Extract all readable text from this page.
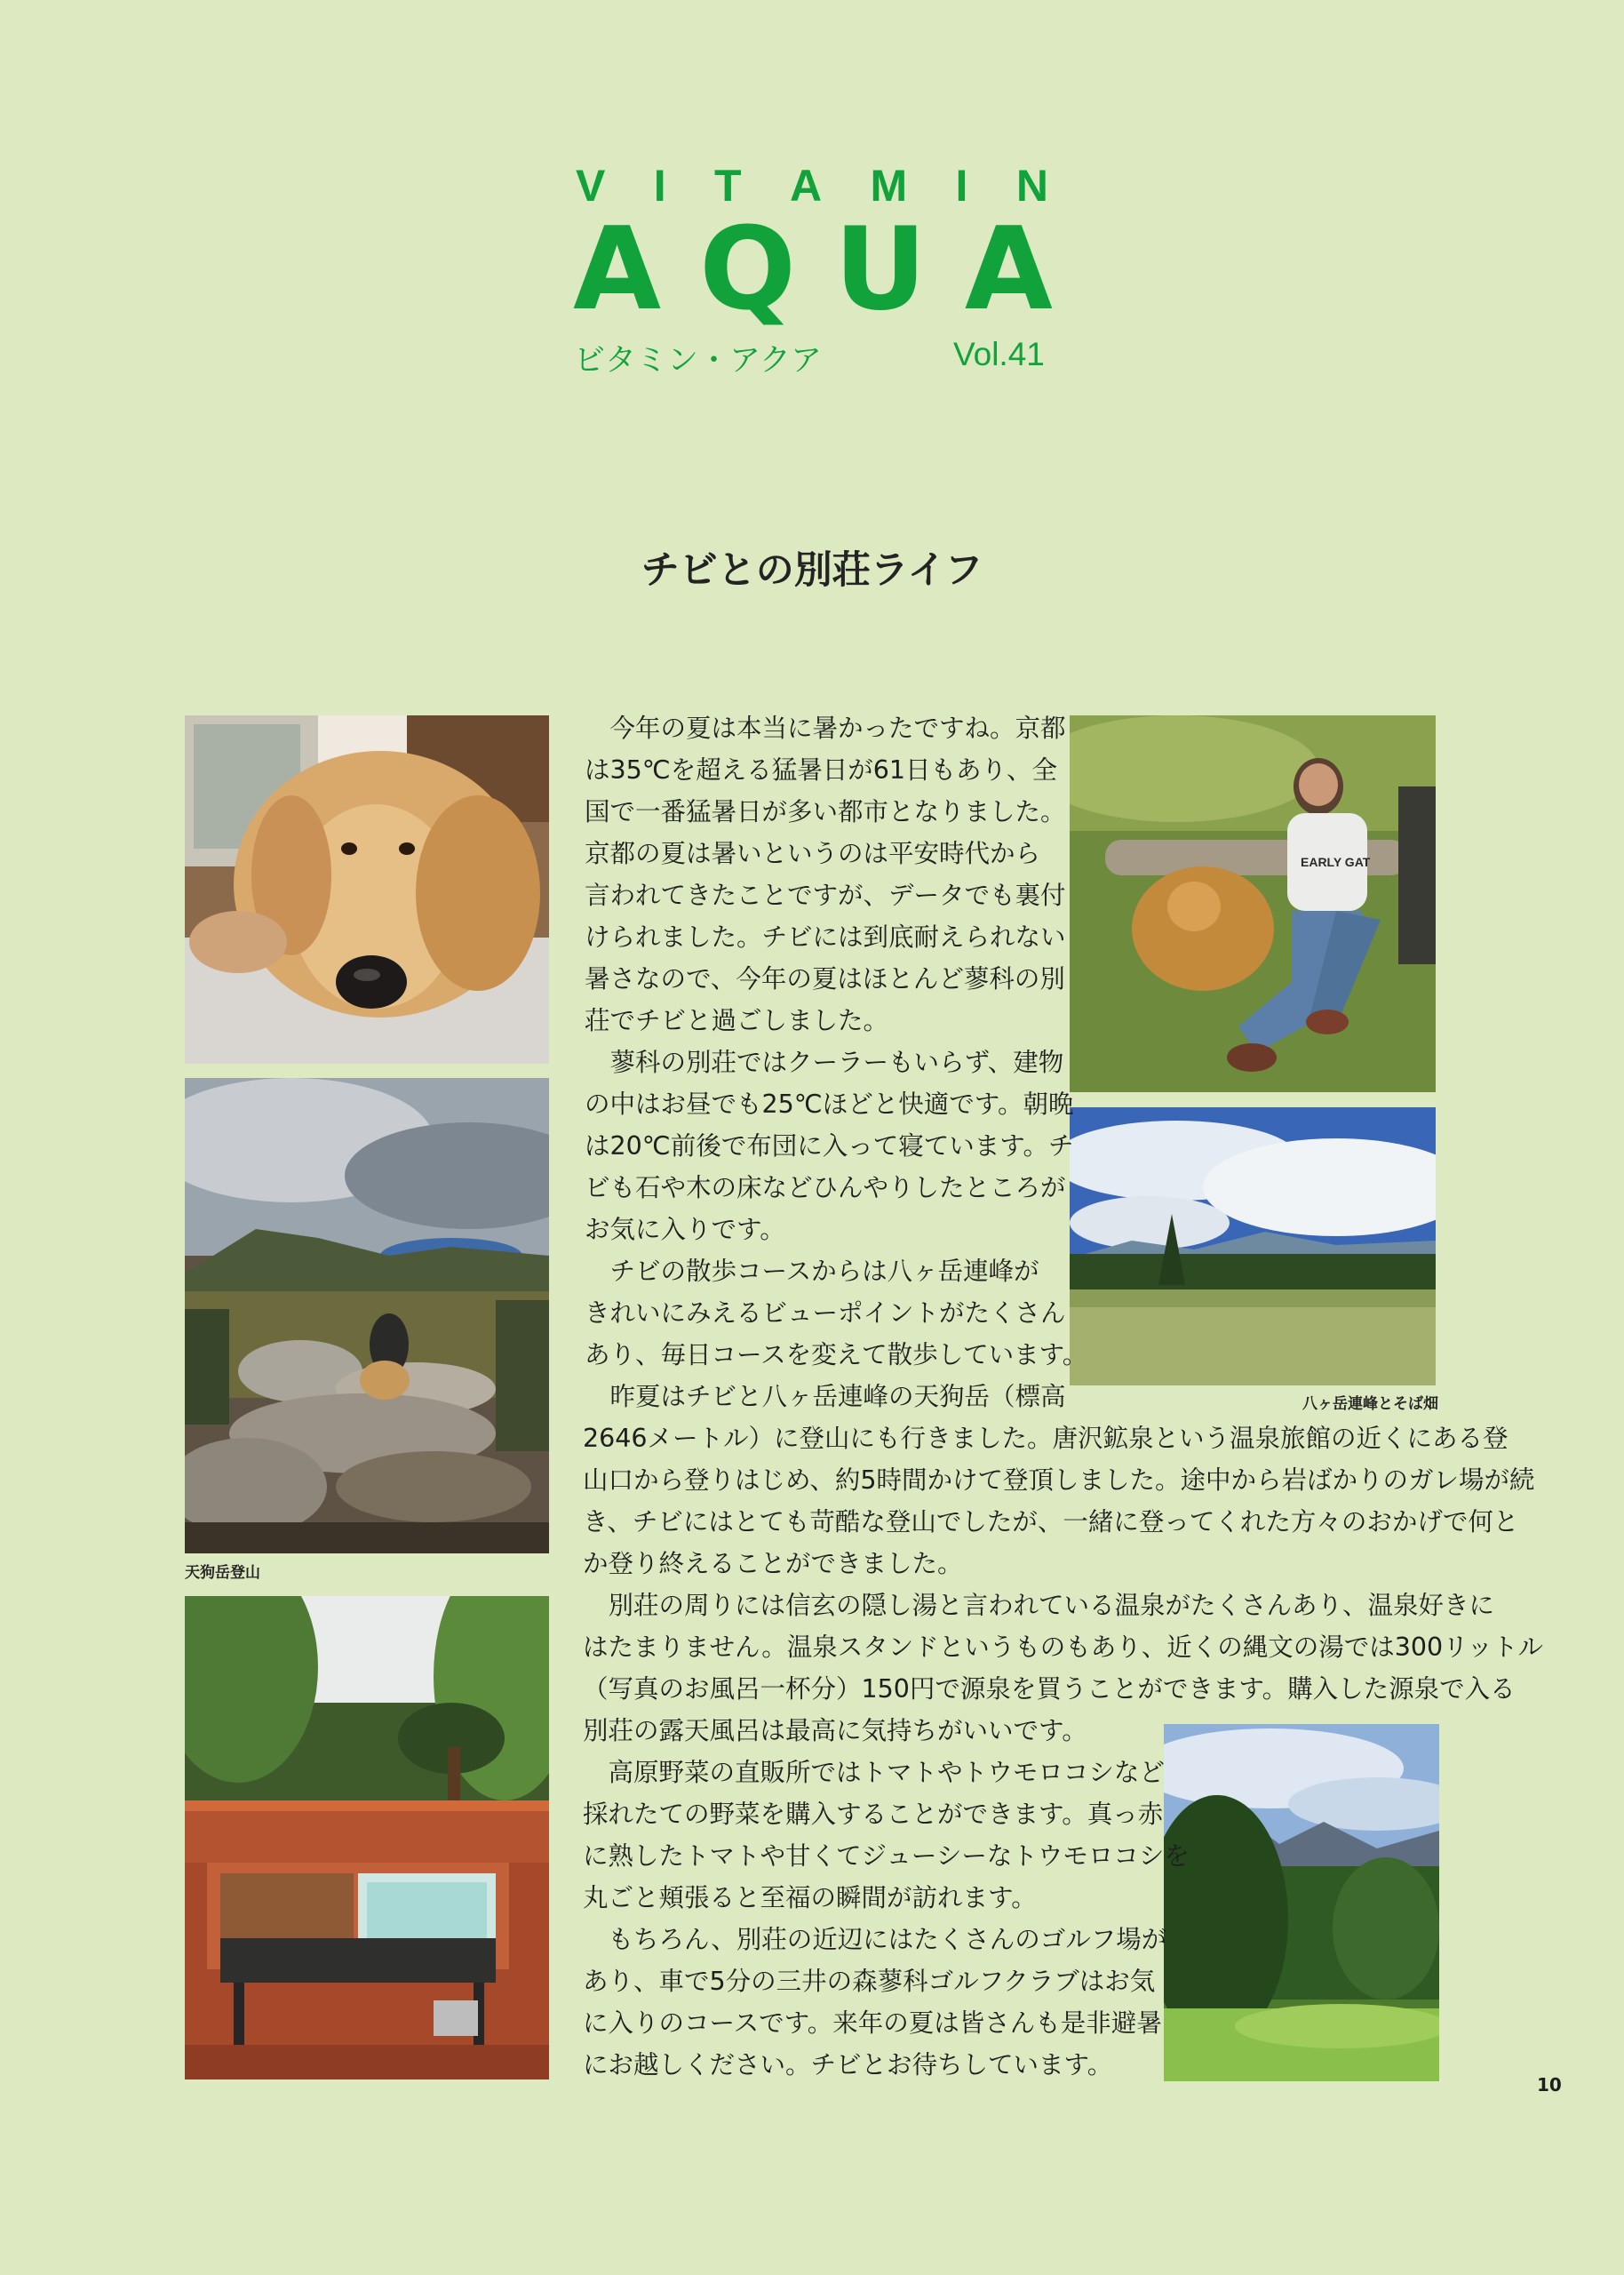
V I T A M I N
A Q U A
ビタミン・アクア	Vol.41
チビとの別荘ライフ
天狗岳登山
EARLY GAT
八ヶ岳連峰とそば畑
　今年の夏は本当に暑かったですね。京都
は35℃を超える猛暑日が61日もあり、全
国で一番猛暑日が多い都市となりました。
京都の夏は暑いというのは平安時代から
言われてきたことですが、データでも裏付
けられました。チビには到底耐えられない
暑さなので、今年の夏はほとんど蓼科の別
荘でチビと過ごしました。
　蓼科の別荘ではクーラーもいらず、建物
の中はお昼でも25℃ほどと快適です。朝晩
は20℃前後で布団に入って寝ています。チ
ビも石や木の床などひんやりしたところが
お気に入りです。
　チビの散歩コースからは八ヶ岳連峰が
きれいにみえるビューポイントがたくさん
あり、毎日コースを変えて散歩しています。
　昨夏はチビと八ヶ岳連峰の天狗岳（標高
2646メートル）に登山にも行きました。唐沢鉱泉という温泉旅館の近くにある登
山口から登りはじめ、約5時間かけて登頂しました。途中から岩ばかりのガレ場が続
き、チビにはとても苛酷な登山でしたが、一緒に登ってくれた方々のおかげで何と
か登り終えることができました。
　別荘の周りには信玄の隠し湯と言われている温泉がたくさんあり、温泉好きに
はたまりません。温泉スタンドというものもあり、近くの縄文の湯では300リットル
（写真のお風呂一杯分）150円で源泉を買うことができます。購入した源泉で入る
別荘の露天風呂は最高に気持ちがいいです。
　高原野菜の直販所ではトマトやトウモロコシなど
採れたての野菜を購入することができます。真っ赤
に熟したトマトや甘くてジューシーなトウモロコシを
丸ごと頬張ると至福の瞬間が訪れます。
　もちろん、別荘の近辺にはたくさんのゴルフ場が
あり、車で5分の三井の森蓼科ゴルフクラブはお気
に入りのコースです。来年の夏は皆さんも是非避暑
にお越しください。チビとお待ちしています。
10
